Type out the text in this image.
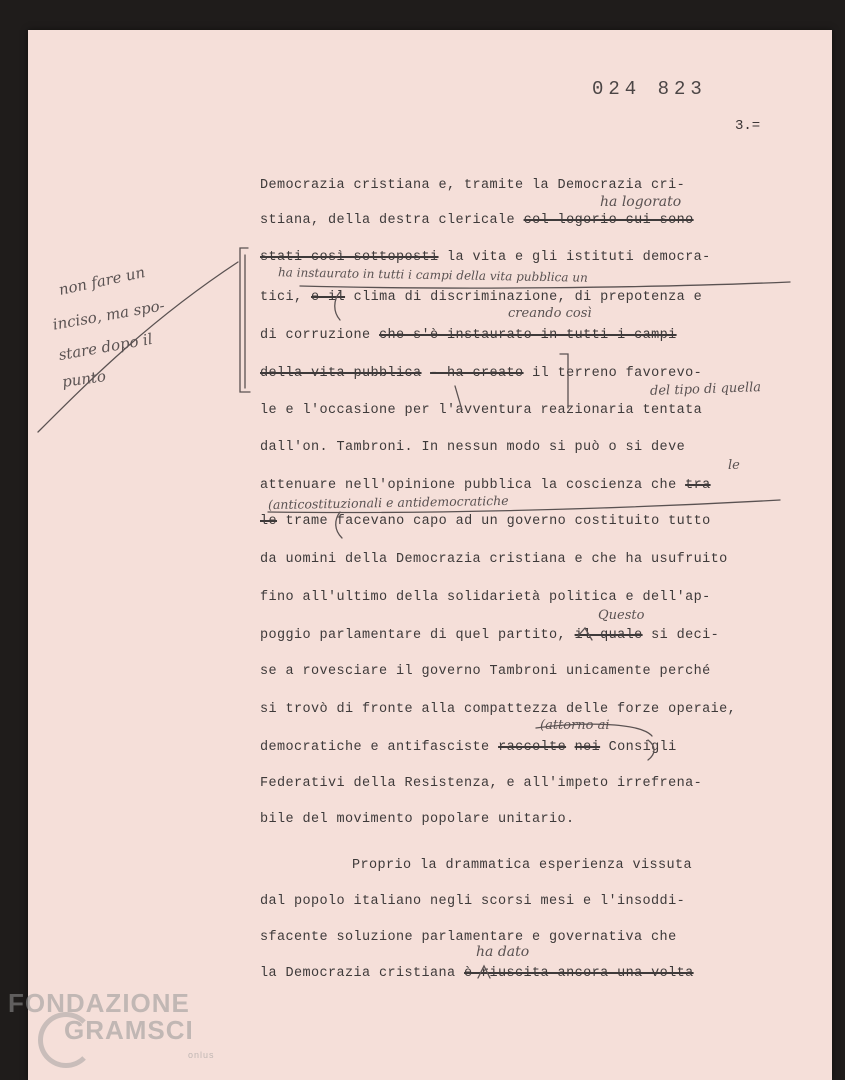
024 823
3.=
Democrazia cristiana e, tramite la Democrazia cri-
stiana, della destra clericale col logorio cui sono
stati così sottoposti la vita e gli istituti democra-
tici, e il clima di discriminazione, di prepotenza e
di corruzione che s'è instaurato in tutti i campi
della vita pubblica - ha creato il terreno favorevo-
le e l'occasione per l'avventura reazionaria tentata
dall'on. Tambroni. In nessun modo si può o si deve
attenuare nell'opinione pubblica la coscienza che tra
le trame facevano capo ad un governo costituito tutto
da uomini della Democrazia cristiana e che ha usufruito
fino all'ultimo della solidarietà politica e dell'ap-
poggio parlamentare di quel partito, il quale si deci-
se a rovesciare il governo Tambroni unicamente perché
si trovò di fronte alla compattezza delle forze operaie,
democratiche e antifasciste raccolte nei Consigli
Federativi della Resistenza, e all'impeto irrefrena-
bile del movimento popolare unitario.
Proprio la drammatica esperienza vissuta
dal popolo italiano negli scorsi mesi e l'insoddi-
sfacente soluzione parlamentare e governativa che
la Democrazia cristiana è riuscita ancora una volta
ha logorato
ha instaurato in tutti i campi della vita pubblica un
creando così
del tipo di quella
le
(anticostituzionali e antidemocratiche
Questo
(attorno ai
ha dato
non fare un
inciso, ma spo-
stare dopo il
punto
FONDAZIONE
GRAMSCI
onlus
